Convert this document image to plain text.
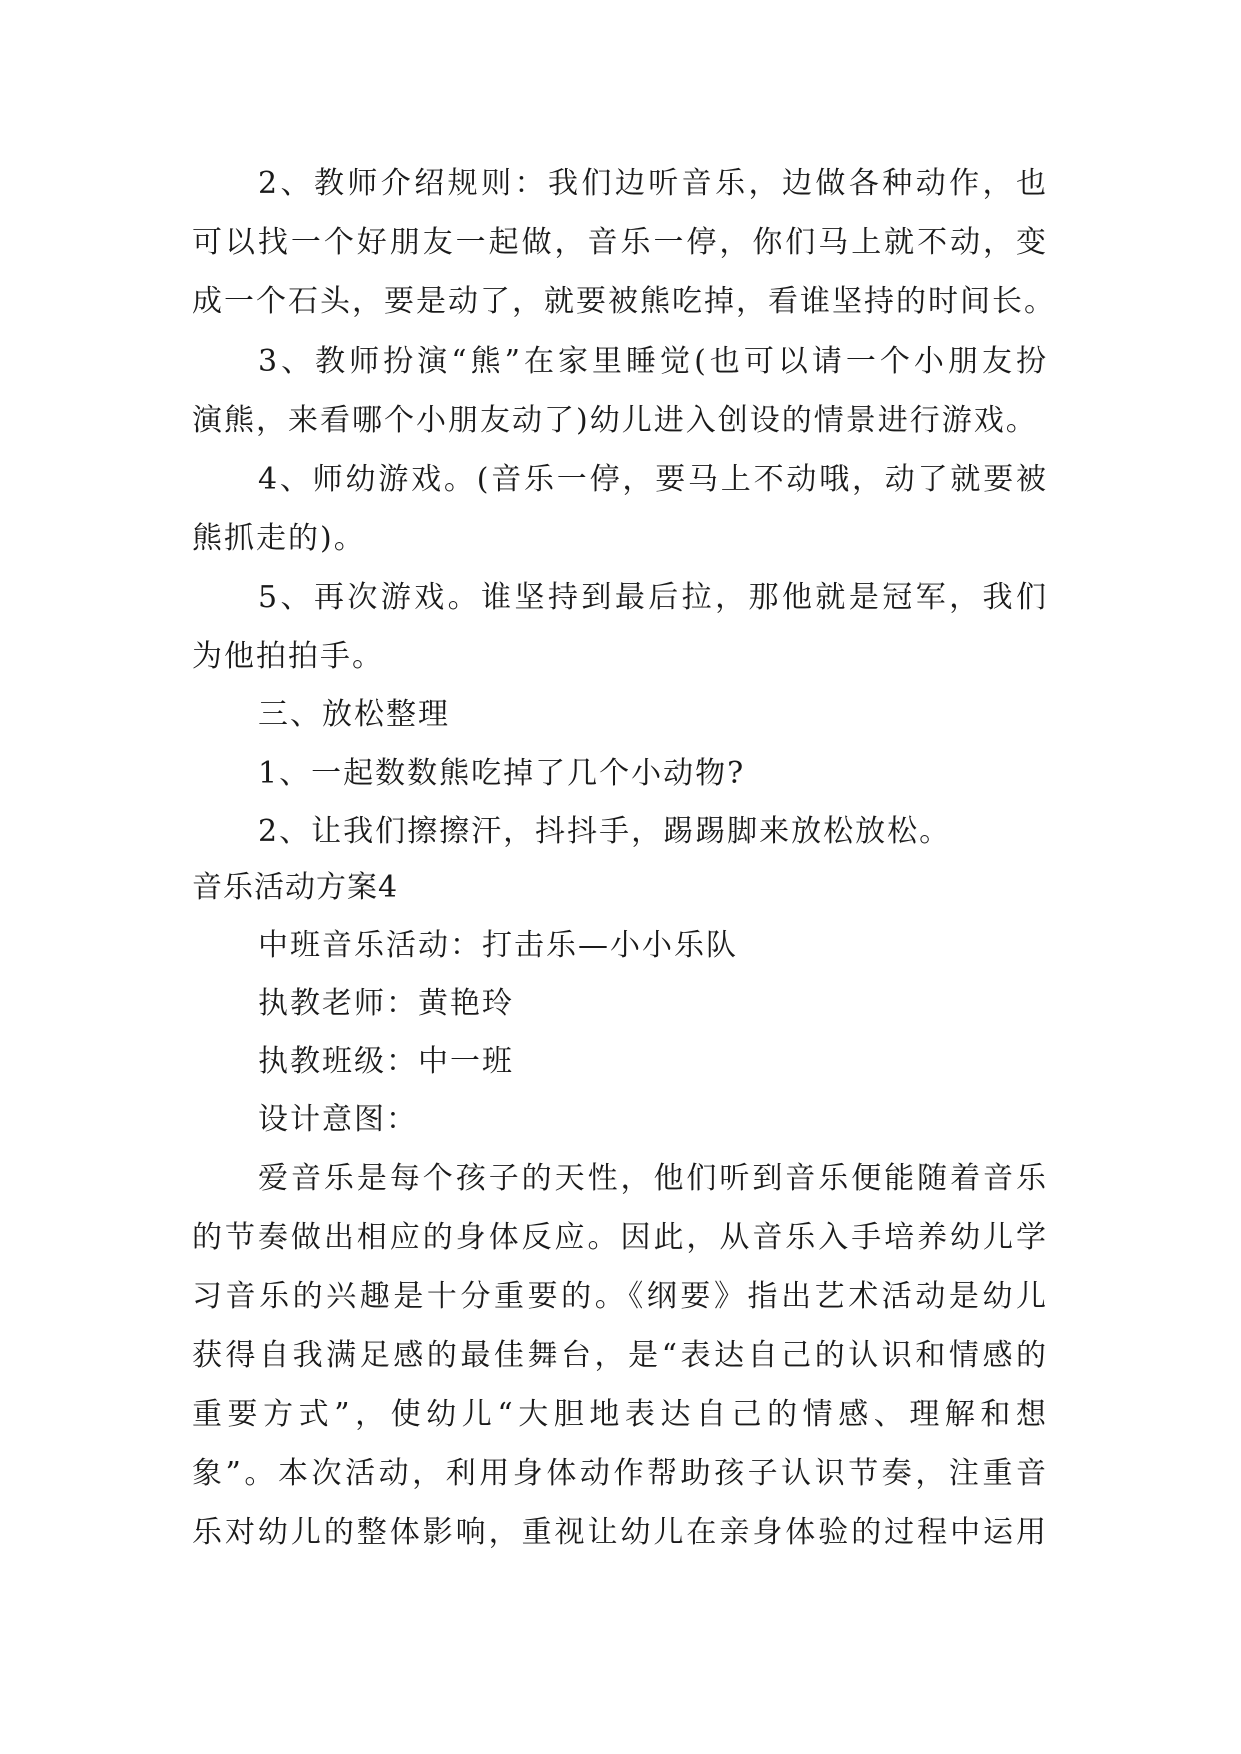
2、教师介绍规则：我们边听音乐，边做各种动作，也

可以找一个好朋友一起做，音乐一停，你们马上就不动，变

成一个石头，要是动了，就要被熊吃掉，看谁坚持的时间长。

3、教师扮演“熊”在家里睡觉(也可以请一个小朋友扮

演熊，来看哪个小朋友动了)幼儿进入创设的情景进行游戏。

4、师幼游戏。(音乐一停，要马上不动哦，动了就要被

熊抓走的)。

5、再次游戏。谁坚持到最后拉，那他就是冠军，我们

为他拍拍手。

三、放松整理

1、一起数数熊吃掉了几个小动物?

2、让我们擦擦汗，抖抖手，踢踢脚来放松放松。

音乐活动方案4

中班音乐活动：打击乐—小小乐队

执教老师：黄艳玲

执教班级：中一班

设计意图：

爱音乐是每个孩子的天性，他们听到音乐便能随着音乐

的节奏做出相应的身体反应。因此，从音乐入手培养幼儿学

习音乐的兴趣是十分重要的。《纲要》指出艺术活动是幼儿

获得自我满足感的最佳舞台，是“表达自己的认识和情感的

重要方式”，使幼儿“大胆地表达自己的情感、理解和想

象”。本次活动，利用身体动作帮助孩子认识节奏，注重音

乐对幼儿的整体影响，重视让幼儿在亲身体验的过程中运用
